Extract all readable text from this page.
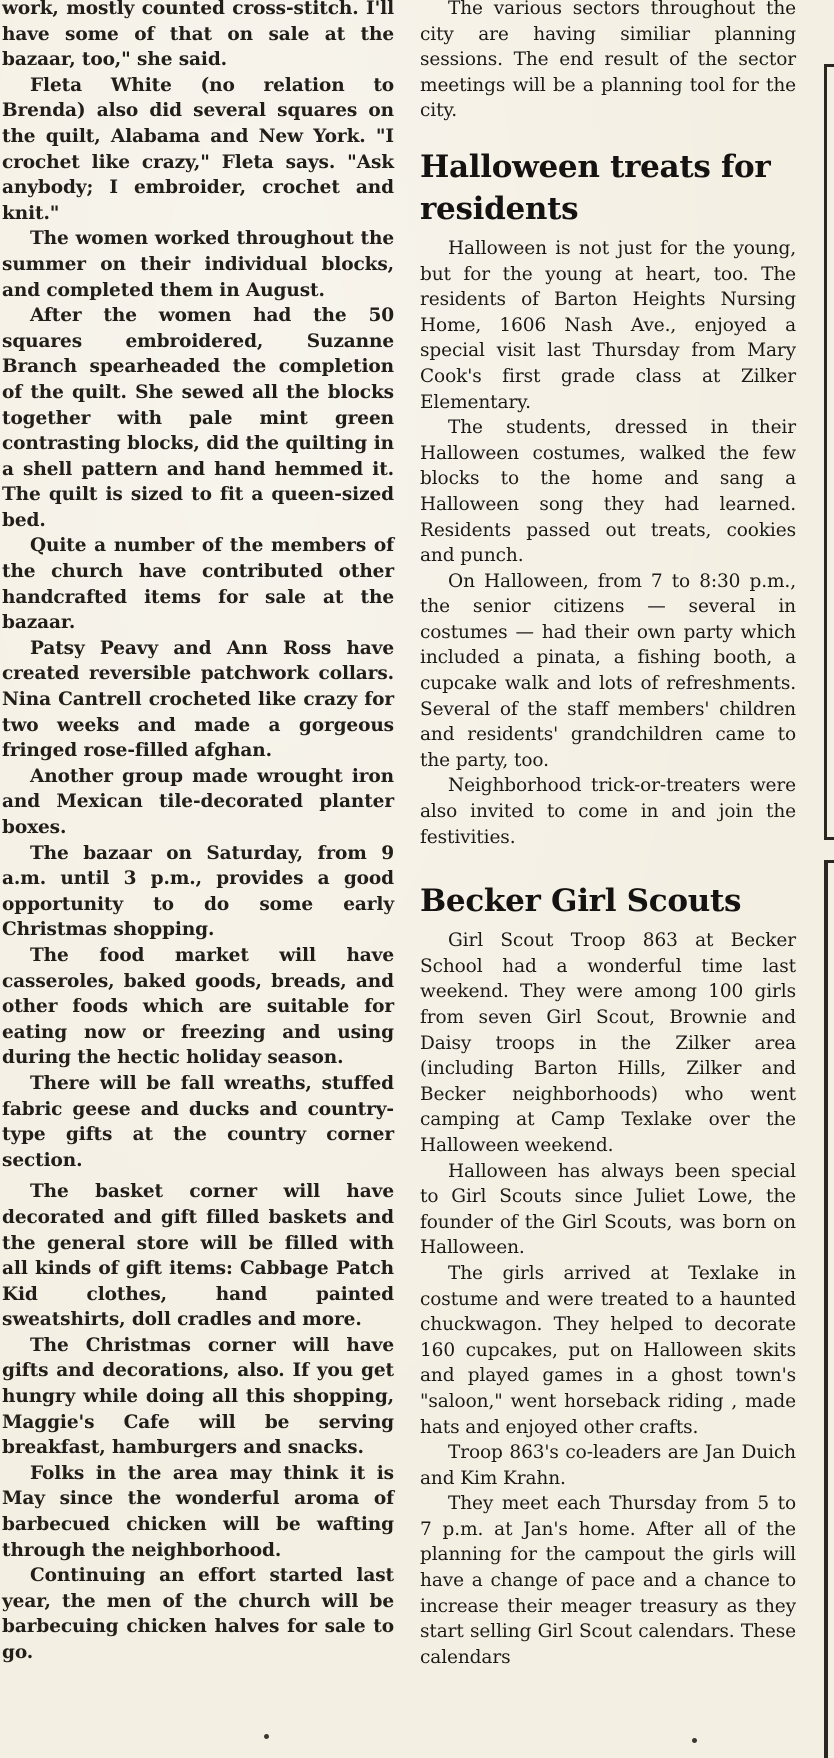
work, mostly counted cross-stitch. I'll have some of that on sale at the bazaar, too," she said.

Fleta White (no relation to Brenda) also did several squares on the quilt, Alabama and New York. "I crochet like crazy," Fleta says. "Ask anybody; I embroider, crochet and knit."

The women worked throughout the summer on their individual blocks, and completed them in August.

After the women had the 50 squares embroidered, Suzanne Branch spearheaded the completion of the quilt. She sewed all the blocks together with pale mint green contrasting blocks, did the quilting in a shell pattern and hand hemmed it. The quilt is sized to fit a queen-sized bed.

Quite a number of the members of the church have contributed other handcrafted items for sale at the bazaar.

Patsy Peavy and Ann Ross have created reversible patchwork collars. Nina Cantrell crocheted like crazy for two weeks and made a gorgeous fringed rose-filled afghan.

Another group made wrought iron and Mexican tile-decorated planter boxes.

The bazaar on Saturday, from 9 a.m. until 3 p.m., provides a good opportunity to do some early Christmas shopping.

The food market will have casseroles, baked goods, breads, and other foods which are suitable for eating now or freezing and using during the hectic holiday season.

There will be fall wreaths, stuffed fabric geese and ducks and country-type gifts at the country corner section.

The basket corner will have decorated and gift filled baskets and the general store will be filled with all kinds of gift items: Cabbage Patch Kid clothes, hand painted sweatshirts, doll cradles and more.

The Christmas corner will have gifts and decorations, also. If you get hungry while doing all this shopping, Maggie's Cafe will be serving breakfast, hamburgers and snacks.

Folks in the area may think it is May since the wonderful aroma of barbecued chicken will be wafting through the neighborhood.

Continuing an effort started last year, the men of the church will be barbecuing chicken halves for sale to go.

The various sectors throughout the city are having similiar planning sessions. The end result of the sector meetings will be a planning tool for the city.

Halloween treats for residents

Halloween is not just for the young, but for the young at heart, too. The residents of Barton Heights Nursing Home, 1606 Nash Ave., enjoyed a special visit last Thursday from Mary Cook's first grade class at Zilker Elementary.

The students, dressed in their Halloween costumes, walked the few blocks to the home and sang a Halloween song they had learned. Residents passed out treats, cookies and punch.

On Halloween, from 7 to 8:30 p.m., the senior citizens — several in costumes — had their own party which included a pinata, a fishing booth, a cupcake walk and lots of refreshments. Several of the staff members' children and residents' grandchildren came to the party, too.

Neighborhood trick-or-treaters were also invited to come in and join the festivities.

Becker Girl Scouts

Girl Scout Troop 863 at Becker School had a wonderful time last weekend. They were among 100 girls from seven Girl Scout, Brownie and Daisy troops in the Zilker area (including Barton Hills, Zilker and Becker neighborhoods) who went camping at Camp Texlake over the Halloween weekend.

Halloween has always been special to Girl Scouts since Juliet Lowe, the founder of the Girl Scouts, was born on Halloween.

The girls arrived at Texlake in costume and were treated to a haunted chuckwagon. They helped to decorate 160 cupcakes, put on Halloween skits and played games in a ghost town's "saloon," went horseback riding , made hats and enjoyed other crafts.

Troop 863's co-leaders are Jan Duich and Kim Krahn.

They meet each Thursday from 5 to 7 p.m. at Jan's home. After all of the planning for the campout the girls will have a change of pace and a chance to increase their meager treasury as they start selling Girl Scout calendars. These calendars
